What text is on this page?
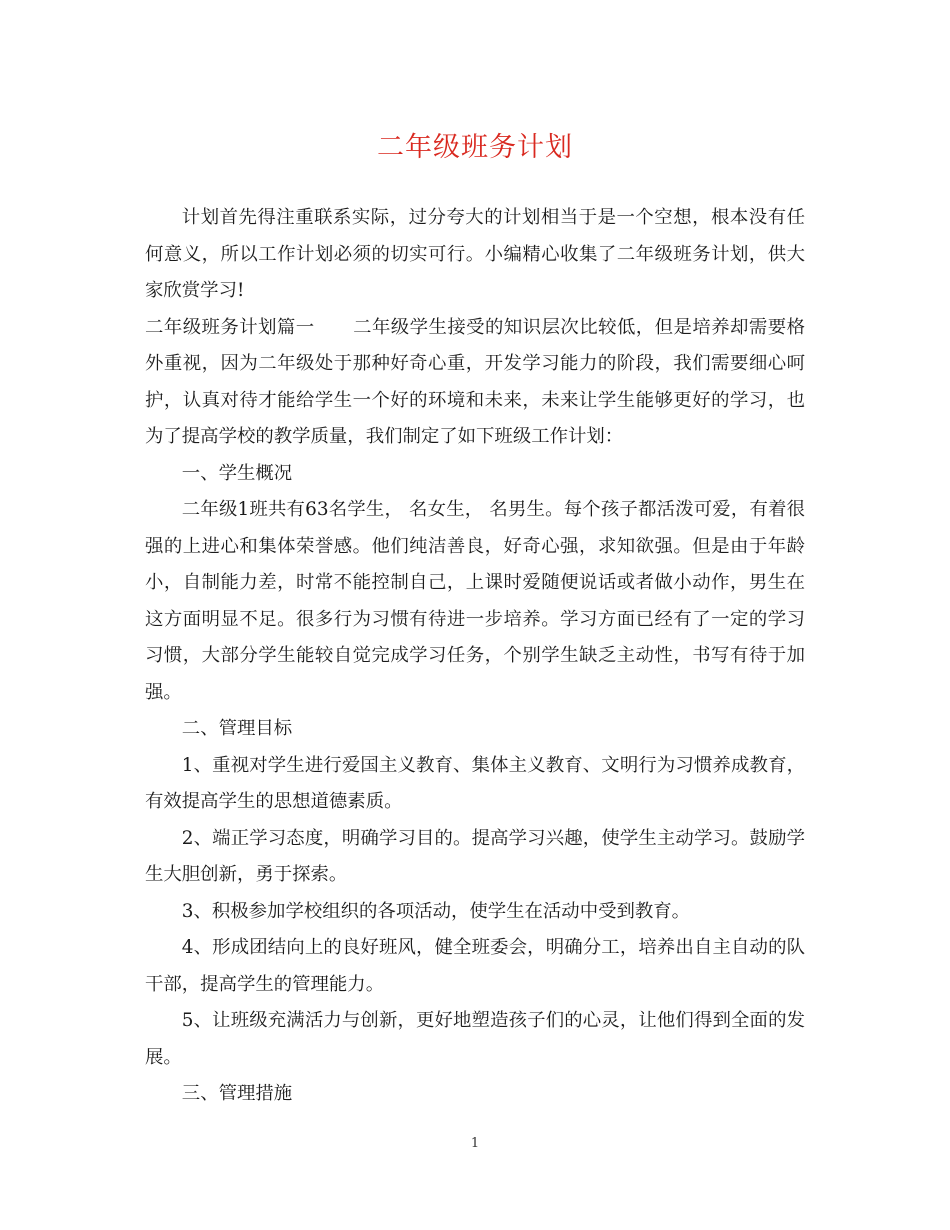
二年级班务计划

计划首先得注重联系实际，过分夸大的计划相当于是一个空想，根本没有任何意义，所以工作计划必须的切实可行。小编精心收集了二年级班务计划，供大家欣赏学习!

二年级班务计划篇一 二年级学生接受的知识层次比较低，但是培养却需要格外重视，因为二年级处于那种好奇心重，开发学习能力的阶段，我们需要细心呵护，认真对待才能给学生一个好的环境和未来，未来让学生能够更好的学习，也为了提高学校的教学质量，我们制定了如下班级工作计划：

一、学生概况

二年级1班共有63名学生， 名女生， 名男生。每个孩子都活泼可爱，有着很强的上进心和集体荣誉感。他们纯洁善良，好奇心强，求知欲强。但是由于年龄小，自制能力差，时常不能控制自己，上课时爱随便说话或者做小动作，男生在这方面明显不足。很多行为习惯有待进一步培养。学习方面已经有了一定的学习习惯，大部分学生能较自觉完成学习任务，个别学生缺乏主动性，书写有待于加强。

二、管理目标

1、重视对学生进行爱国主义教育、集体主义教育、文明行为习惯养成教育，有效提高学生的思想道德素质。

2、端正学习态度，明确学习目的。提高学习兴趣，使学生主动学习。鼓励学生大胆创新，勇于探索。

3、积极参加学校组织的各项活动，使学生在活动中受到教育。

4、形成团结向上的良好班风，健全班委会，明确分工，培养出自主自动的队干部，提高学生的管理能力。

5、让班级充满活力与创新，更好地塑造孩子们的心灵，让他们得到全面的发展。

三、管理措施

1
